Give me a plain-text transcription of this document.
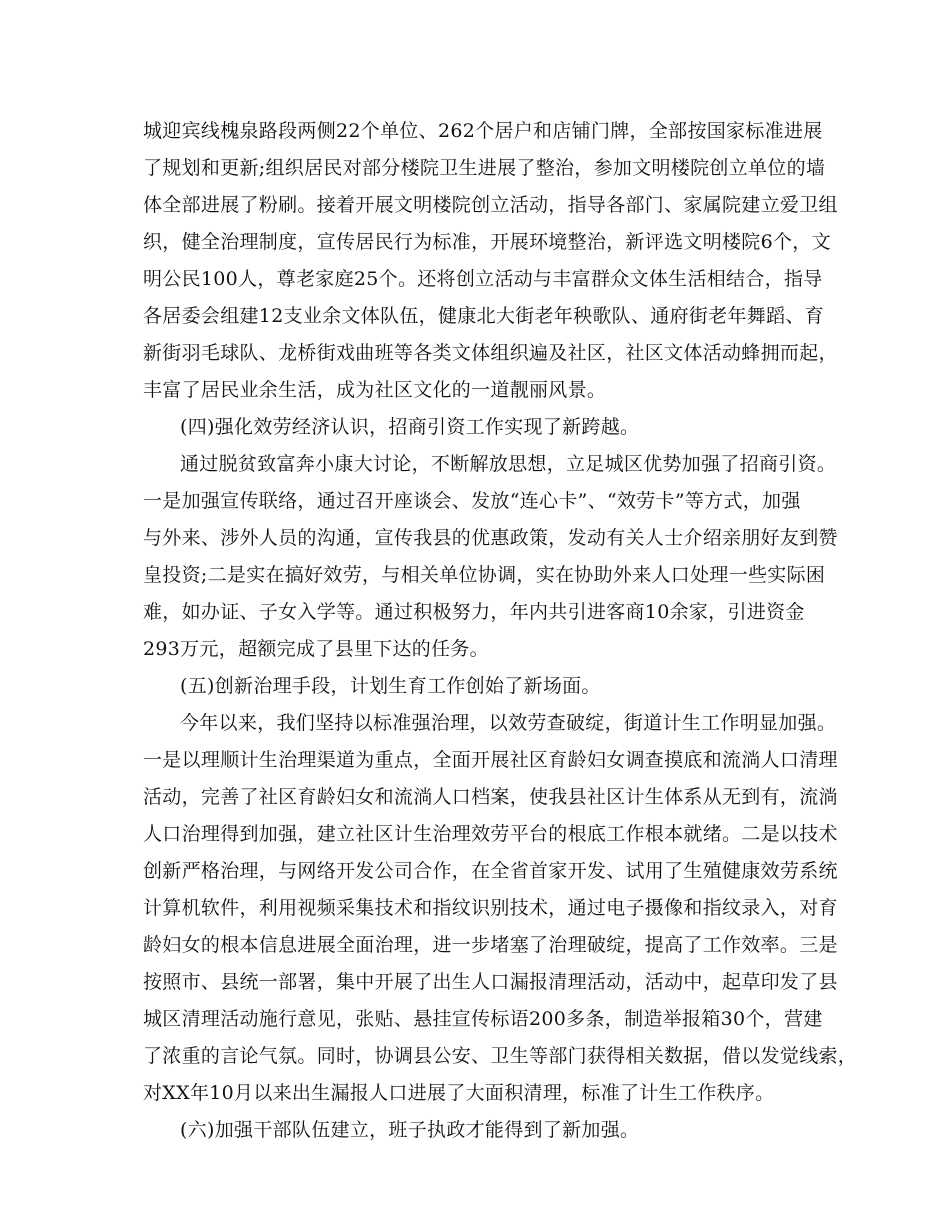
城迎宾线槐泉路段两侧22个单位、262个居户和店铺门牌，全部按国家标准进展
了规划和更新;组织居民对部分楼院卫生进展了整治，参加文明楼院创立单位的墙
体全部进展了粉刷。接着开展文明楼院创立活动，指导各部门、家属院建立爱卫组
织，健全治理制度，宣传居民行为标准，开展环境整治，新评选文明楼院6个，文
明公民100人，尊老家庭25个。还将创立活动与丰富群众文体生活相结合，指导
各居委会组建12支业余文体队伍，健康北大街老年秧歌队、通府街老年舞蹈、育
新街羽毛球队、龙桥街戏曲班等各类文体组织遍及社区，社区文体活动蜂拥而起，
丰富了居民业余生活，成为社区文化的一道靓丽风景。
(四)强化效劳经济认识，招商引资工作实现了新跨越。
通过脱贫致富奔小康大讨论，不断解放思想，立足城区优势加强了招商引资。
一是加强宣传联络，通过召开座谈会、发放“连心卡”、“效劳卡”等方式，加强
与外来、涉外人员的沟通，宣传我县的优惠政策，发动有关人士介绍亲朋好友到赞
皇投资;二是实在搞好效劳，与相关单位协调，实在协助外来人口处理一些实际困
难，如办证、子女入学等。通过积极努力，年内共引进客商10余家，引进资金
293万元，超额完成了县里下达的任务。
(五)创新治理手段，计划生育工作创始了新场面。
今年以来，我们坚持以标准强治理，以效劳查破绽，街道计生工作明显加强。
一是以理顺计生治理渠道为重点，全面开展社区育龄妇女调查摸底和流淌人口清理
活动，完善了社区育龄妇女和流淌人口档案，使我县社区计生体系从无到有，流淌
人口治理得到加强，建立社区计生治理效劳平台的根底工作根本就绪。二是以技术
创新严格治理，与网络开发公司合作，在全省首家开发、试用了生殖健康效劳系统
计算机软件，利用视频采集技术和指纹识别技术，通过电子摄像和指纹录入，对育
龄妇女的根本信息进展全面治理，进一步堵塞了治理破绽，提高了工作效率。三是
按照市、县统一部署，集中开展了出生人口漏报清理活动，活动中，起草印发了县
城区清理活动施行意见，张贴、悬挂宣传标语200多条，制造举报箱30个，营建
了浓重的言论气氛。同时，协调县公安、卫生等部门获得相关数据，借以发觉线索，
对XX年10月以来出生漏报人口进展了大面积清理，标准了计生工作秩序。
(六)加强干部队伍建立，班子执政才能得到了新加强。
